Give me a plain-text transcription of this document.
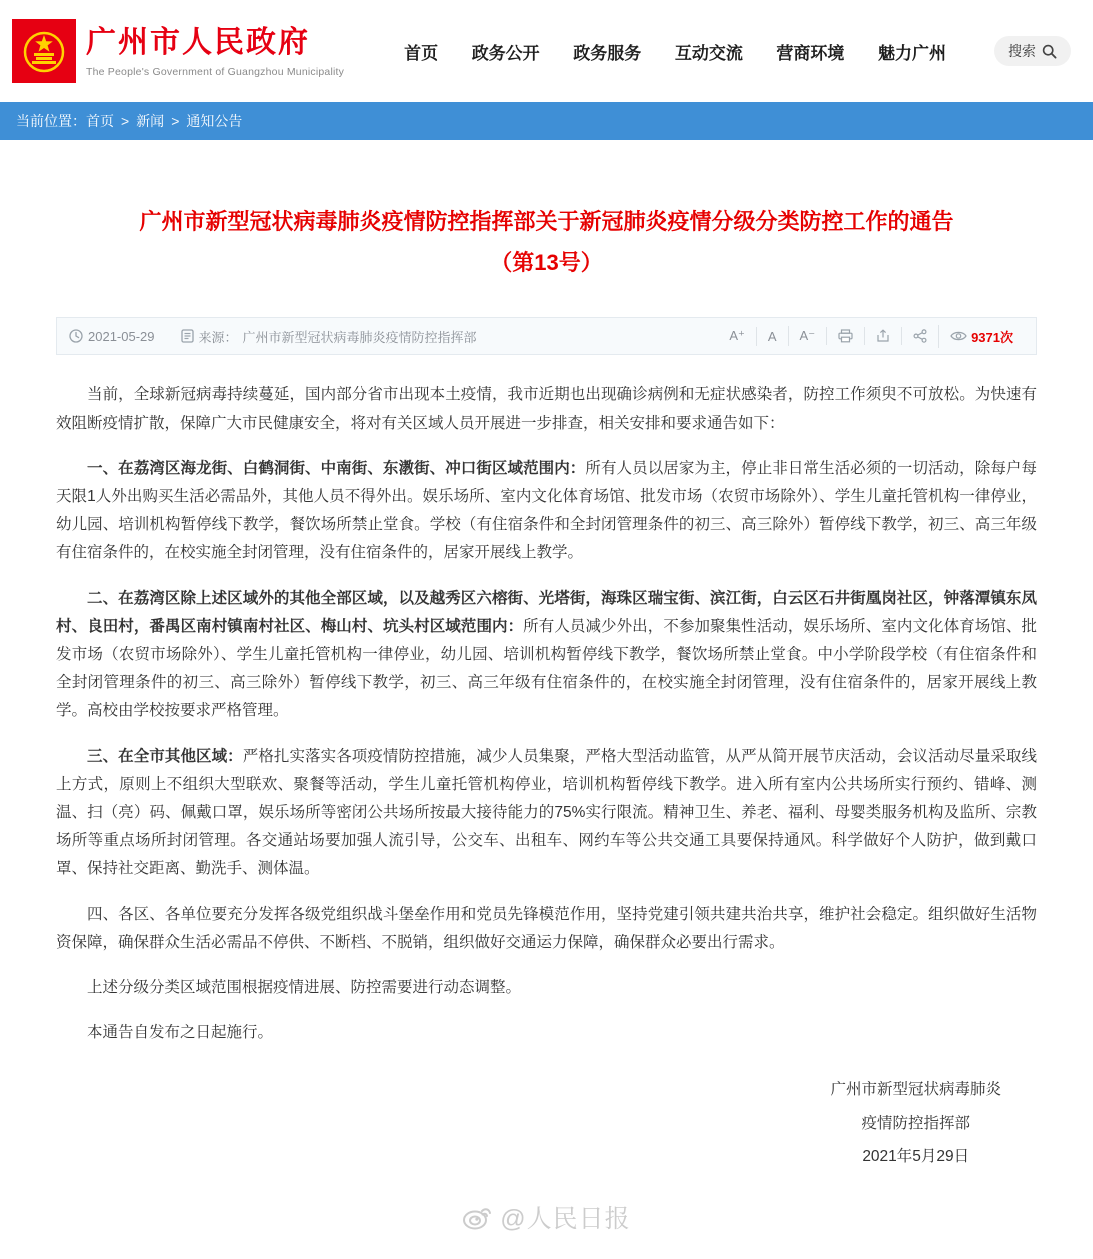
广州市人民政府
The People's Government of Guangzhou Municipality
首页 政务公开 政务服务 互动交流 营商环境 魅力广州	搜索
当前位置： 首页 > 新闻 > 通知公告
广州市新型冠状病毒肺炎疫情防控指挥部关于新冠肺炎疫情分级分类防控工作的通告
（第13号）
2021-05-29	来源： 广州市新型冠状病毒肺炎疫情防控指挥部	A⁺	A	A⁻	9371次

当前，全球新冠病毒持续蔓延，国内部分省市出现本土疫情，我市近期也出现确诊病例和无症状感染者，防控工作须臾不可放松。为快速有效阻断疫情扩散，保障广大市民健康安全，将对有关区域人员开展进一步排查，相关安排和要求通告如下：

一、在荔湾区海龙街、白鹤洞街、中南街、东漖街、冲口街区域范围内：所有人员以居家为主，停止非日常生活必须的一切活动，除每户每天限1人外出购买生活必需品外，其他人员不得外出。娱乐场所、室内文化体育场馆、批发市场（农贸市场除外）、学生儿童托管机构一律停业，幼儿园、培训机构暂停线下教学，餐饮场所禁止堂食。学校（有住宿条件和全封闭管理条件的初三、高三除外）暂停线下教学，初三、高三年级有住宿条件的，在校实施全封闭管理，没有住宿条件的，居家开展线上教学。

二、在荔湾区除上述区域外的其他全部区域，以及越秀区六榕街、光塔街，海珠区瑞宝街、滨江街，白云区石井街凰岗社区，钟落潭镇东凤村、良田村，番禺区南村镇南村社区、梅山村、坑头村区域范围内：所有人员减少外出，不参加聚集性活动，娱乐场所、室内文化体育场馆、批发市场（农贸市场除外）、学生儿童托管机构一律停业，幼儿园、培训机构暂停线下教学，餐饮场所禁止堂食。中小学阶段学校（有住宿条件和全封闭管理条件的初三、高三除外）暂停线下教学，初三、高三年级有住宿条件的，在校实施全封闭管理，没有住宿条件的，居家开展线上教学。高校由学校按要求严格管理。

三、在全市其他区域：严格扎实落实各项疫情防控措施，减少人员集聚，严格大型活动监管，从严从简开展节庆活动，会议活动尽量采取线上方式，原则上不组织大型联欢、聚餐等活动，学生儿童托管机构停业，培训机构暂停线下教学。进入所有室内公共场所实行预约、错峰、测温、扫（亮）码、佩戴口罩，娱乐场所等密闭公共场所按最大接待能力的75%实行限流。精神卫生、养老、福利、母婴类服务机构及监所、宗教场所等重点场所封闭管理。各交通站场要加强人流引导，公交车、出租车、网约车等公共交通工具要保持通风。科学做好个人防护，做到戴口罩、保持社交距离、勤洗手、测体温。

四、各区、各单位要充分发挥各级党组织战斗堡垒作用和党员先锋模范作用，坚持党建引领共建共治共享，维护社会稳定。组织做好生活物资保障，确保群众生活必需品不停供、不断档、不脱销，组织做好交通运力保障，确保群众必要出行需求。

上述分级分类区域范围根据疫情进展、防控需要进行动态调整。

本通告自发布之日起施行。

广州市新型冠状病毒肺炎
疫情防控指挥部
2021年5月29日
@人民日报
